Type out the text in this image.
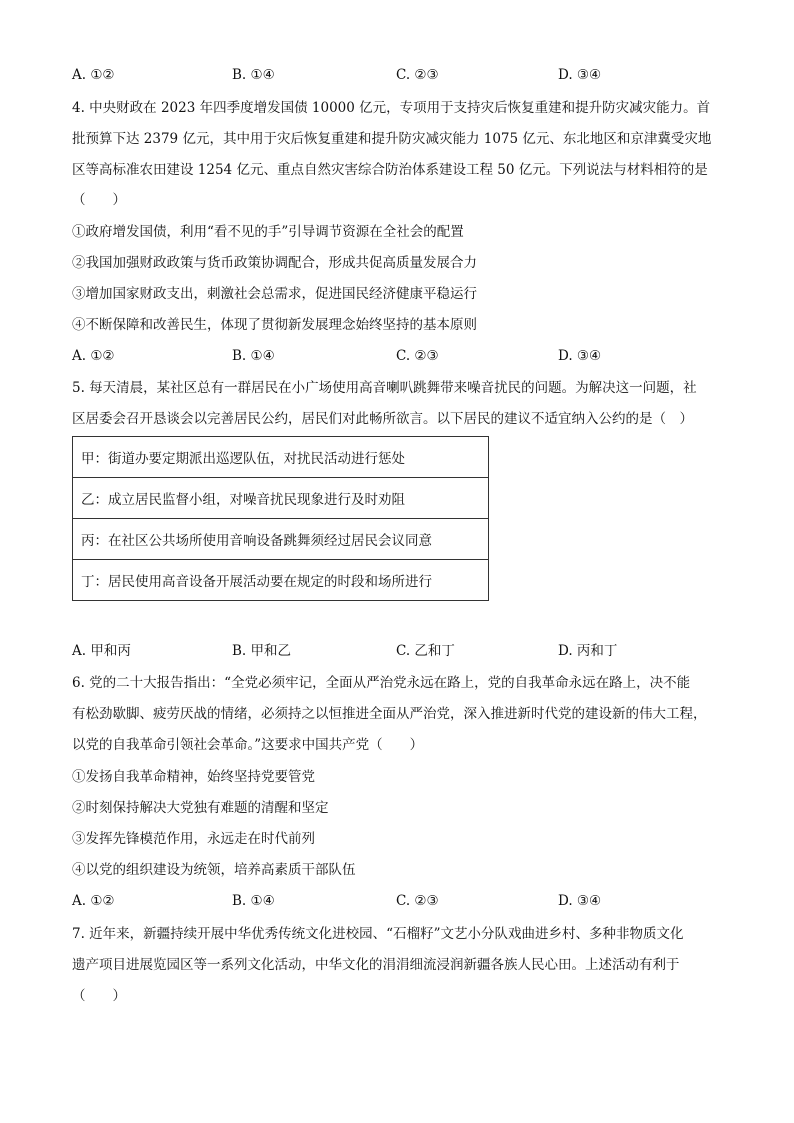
A. ①②	B. ①④	C. ②③	D. ③④
4. 中央财政在 2023 年四季度增发国债 10000 亿元，专项用于支持灾后恢复重建和提升防灾减灾能力。首
批预算下达 2379 亿元，其中用于灾后恢复重建和提升防灾减灾能力 1075 亿元、东北地区和京津冀受灾地
区等高标准农田建设 1254 亿元、重点自然灾害综合防治体系建设工程 50 亿元。下列说法与材料相符的是
（　　）
①政府增发国债，利用“看不见的手”引导调节资源在全社会的配置
②我国加强财政政策与货币政策协调配合，形成共促高质量发展合力
③增加国家财政支出，刺激社会总需求，促进国民经济健康平稳运行
④不断保障和改善民生，体现了贯彻新发展理念始终坚持的基本原则
A. ①②	B. ①④	C. ②③	D. ③④
5. 每天清晨，某社区总有一群居民在小广场使用高音喇叭跳舞带来噪音扰民的问题。为解决这一问题，社
区居委会召开恳谈会以完善居民公约，居民们对此畅所欲言。以下居民的建议不适宜纳入公约的是（　）
甲：街道办要定期派出巡逻队伍，对扰民活动进行惩处
乙：成立居民监督小组，对噪音扰民现象进行及时劝阻
丙：在社区公共场所使用音响设备跳舞须经过居民会议同意
丁：居民使用高音设备开展活动要在规定的时段和场所进行
A. 甲和丙	B. 甲和乙	C. 乙和丁	D. 丙和丁
6. 党的二十大报告指出：“全党必须牢记，全面从严治党永远在路上，党的自我革命永远在路上，决不能
有松劲歇脚、疲劳厌战的情绪，必须持之以恒推进全面从严治党，深入推进新时代党的建设新的伟大工程，
以党的自我革命引领社会革命。”这要求中国共产党（　　）
①发扬自我革命精神，始终坚持党要管党
②时刻保持解决大党独有难题的清醒和坚定
③发挥先锋模范作用，永远走在时代前列
④以党的组织建设为统领，培养高素质干部队伍
A. ①②	B. ①④	C. ②③	D. ③④
7. 近年来，新疆持续开展中华优秀传统文化进校园、“石榴籽”文艺小分队戏曲进乡村、多种非物质文化
遗产项目进展览园区等一系列文化活动，中华文化的涓涓细流浸润新疆各族人民心田。上述活动有利于
（　　）
